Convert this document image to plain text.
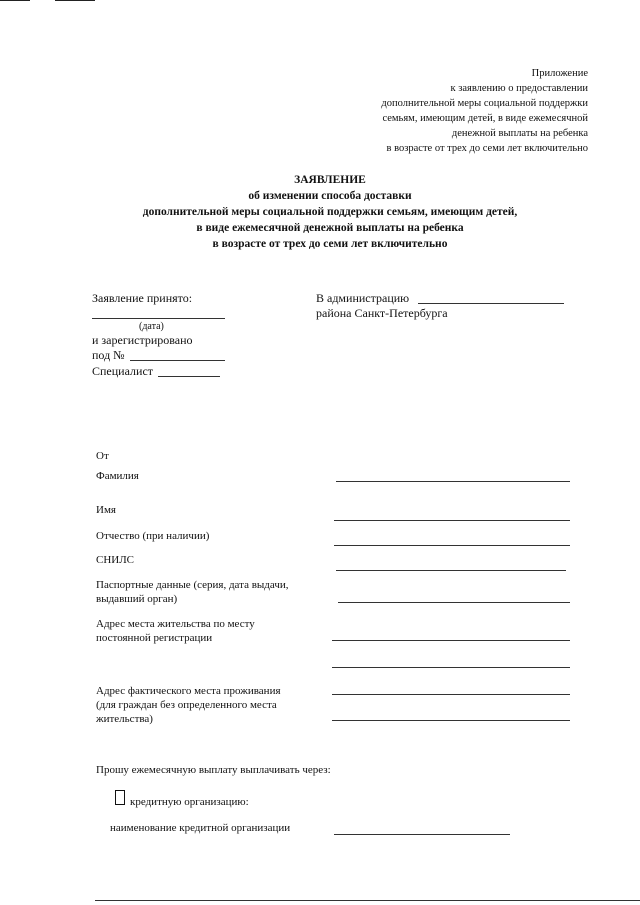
Приложение
к заявлению о предоставлении
дополнительной меры социальной поддержки
семьям, имеющим детей, в виде ежемесячной
денежной выплаты на ребенка
в возрасте от трех до семи лет включительно
ЗАЯВЛЕНИЕ
об изменении способа доставки
дополнительной меры социальной поддержки семьям, имеющим детей,
в виде ежемесячной денежной выплаты на ребенка
в возрасте от трех до семи лет включительно
Заявление принято:
(дата)
и зарегистрировано
под №
Специалист
В администрацию
района Санкт-Петербурга
От
Фамилия
Имя
Отчество (при наличии)
СНИЛС
Паспортные данные (серия, дата выдачи,
выдавший орган)
Адрес места жительства по месту
постоянной регистрации
Адрес фактического места проживания
(для граждан без определенного места
жительства)
Прошу ежемесячную выплату выплачивать через:
кредитную организацию:
наименование кредитной организации
